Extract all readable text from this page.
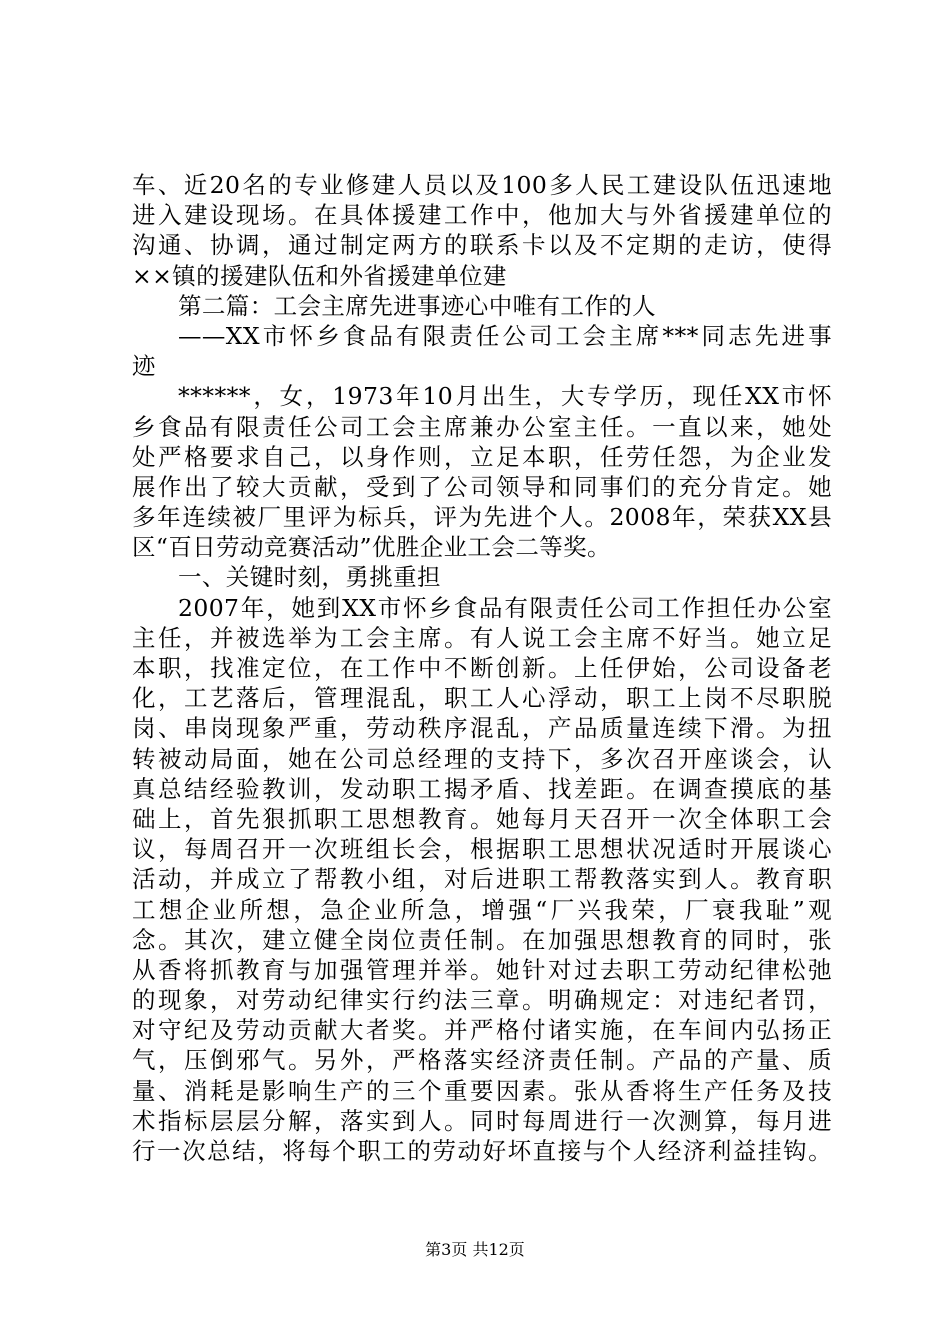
车、近20名的专业修建人员以及100多人民工建设队伍迅速地
进入建设现场。在具体援建工作中，他加大与外省援建单位的
沟通、协调，通过制定两方的联系卡以及不定期的走访，使得
××镇的援建队伍和外省援建单位建
第二篇：工会主席先进事迹心中唯有工作的人
——XX市怀乡食品有限责任公司工会主席***同志先进事
迹
******，女，1973年10月出生，大专学历，现任XX市怀
乡食品有限责任公司工会主席兼办公室主任。一直以来，她处
处严格要求自己，以身作则，立足本职，任劳任怨，为企业发
展作出了较大贡献，受到了公司领导和同事们的充分肯定。她
多年连续被厂里评为标兵，评为先进个人。2008年，荣获XX县
区“百日劳动竞赛活动”优胜企业工会二等奖。
一、关键时刻，勇挑重担
2007年，她到XX市怀乡食品有限责任公司工作担任办公室
主任，并被选举为工会主席。有人说工会主席不好当。她立足
本职，找准定位，在工作中不断创新。上任伊始，公司设备老
化，工艺落后，管理混乱，职工人心浮动，职工上岗不尽职脱
岗、串岗现象严重，劳动秩序混乱，产品质量连续下滑。为扭
转被动局面，她在公司总经理的支持下，多次召开座谈会，认
真总结经验教训，发动职工揭矛盾、找差距。在调查摸底的基
础上，首先狠抓职工思想教育。她每月天召开一次全体职工会
议，每周召开一次班组长会，根据职工思想状况适时开展谈心
活动，并成立了帮教小组，对后进职工帮教落实到人。教育职
工想企业所想，急企业所急，增强“厂兴我荣，厂衰我耻”观
念。其次，建立健全岗位责任制。在加强思想教育的同时，张
从香将抓教育与加强管理并举。她针对过去职工劳动纪律松弛
的现象，对劳动纪律实行约法三章。明确规定：对违纪者罚，
对守纪及劳动贡献大者奖。并严格付诸实施，在车间内弘扬正
气，压倒邪气。另外，严格落实经济责任制。产品的产量、质
量、消耗是影响生产的三个重要因素。张从香将生产任务及技
术指标层层分解，落实到人。同时每周进行一次测算，每月进
行一次总结，将每个职工的劳动好坏直接与个人经济利益挂钩。
第3页 共12页
